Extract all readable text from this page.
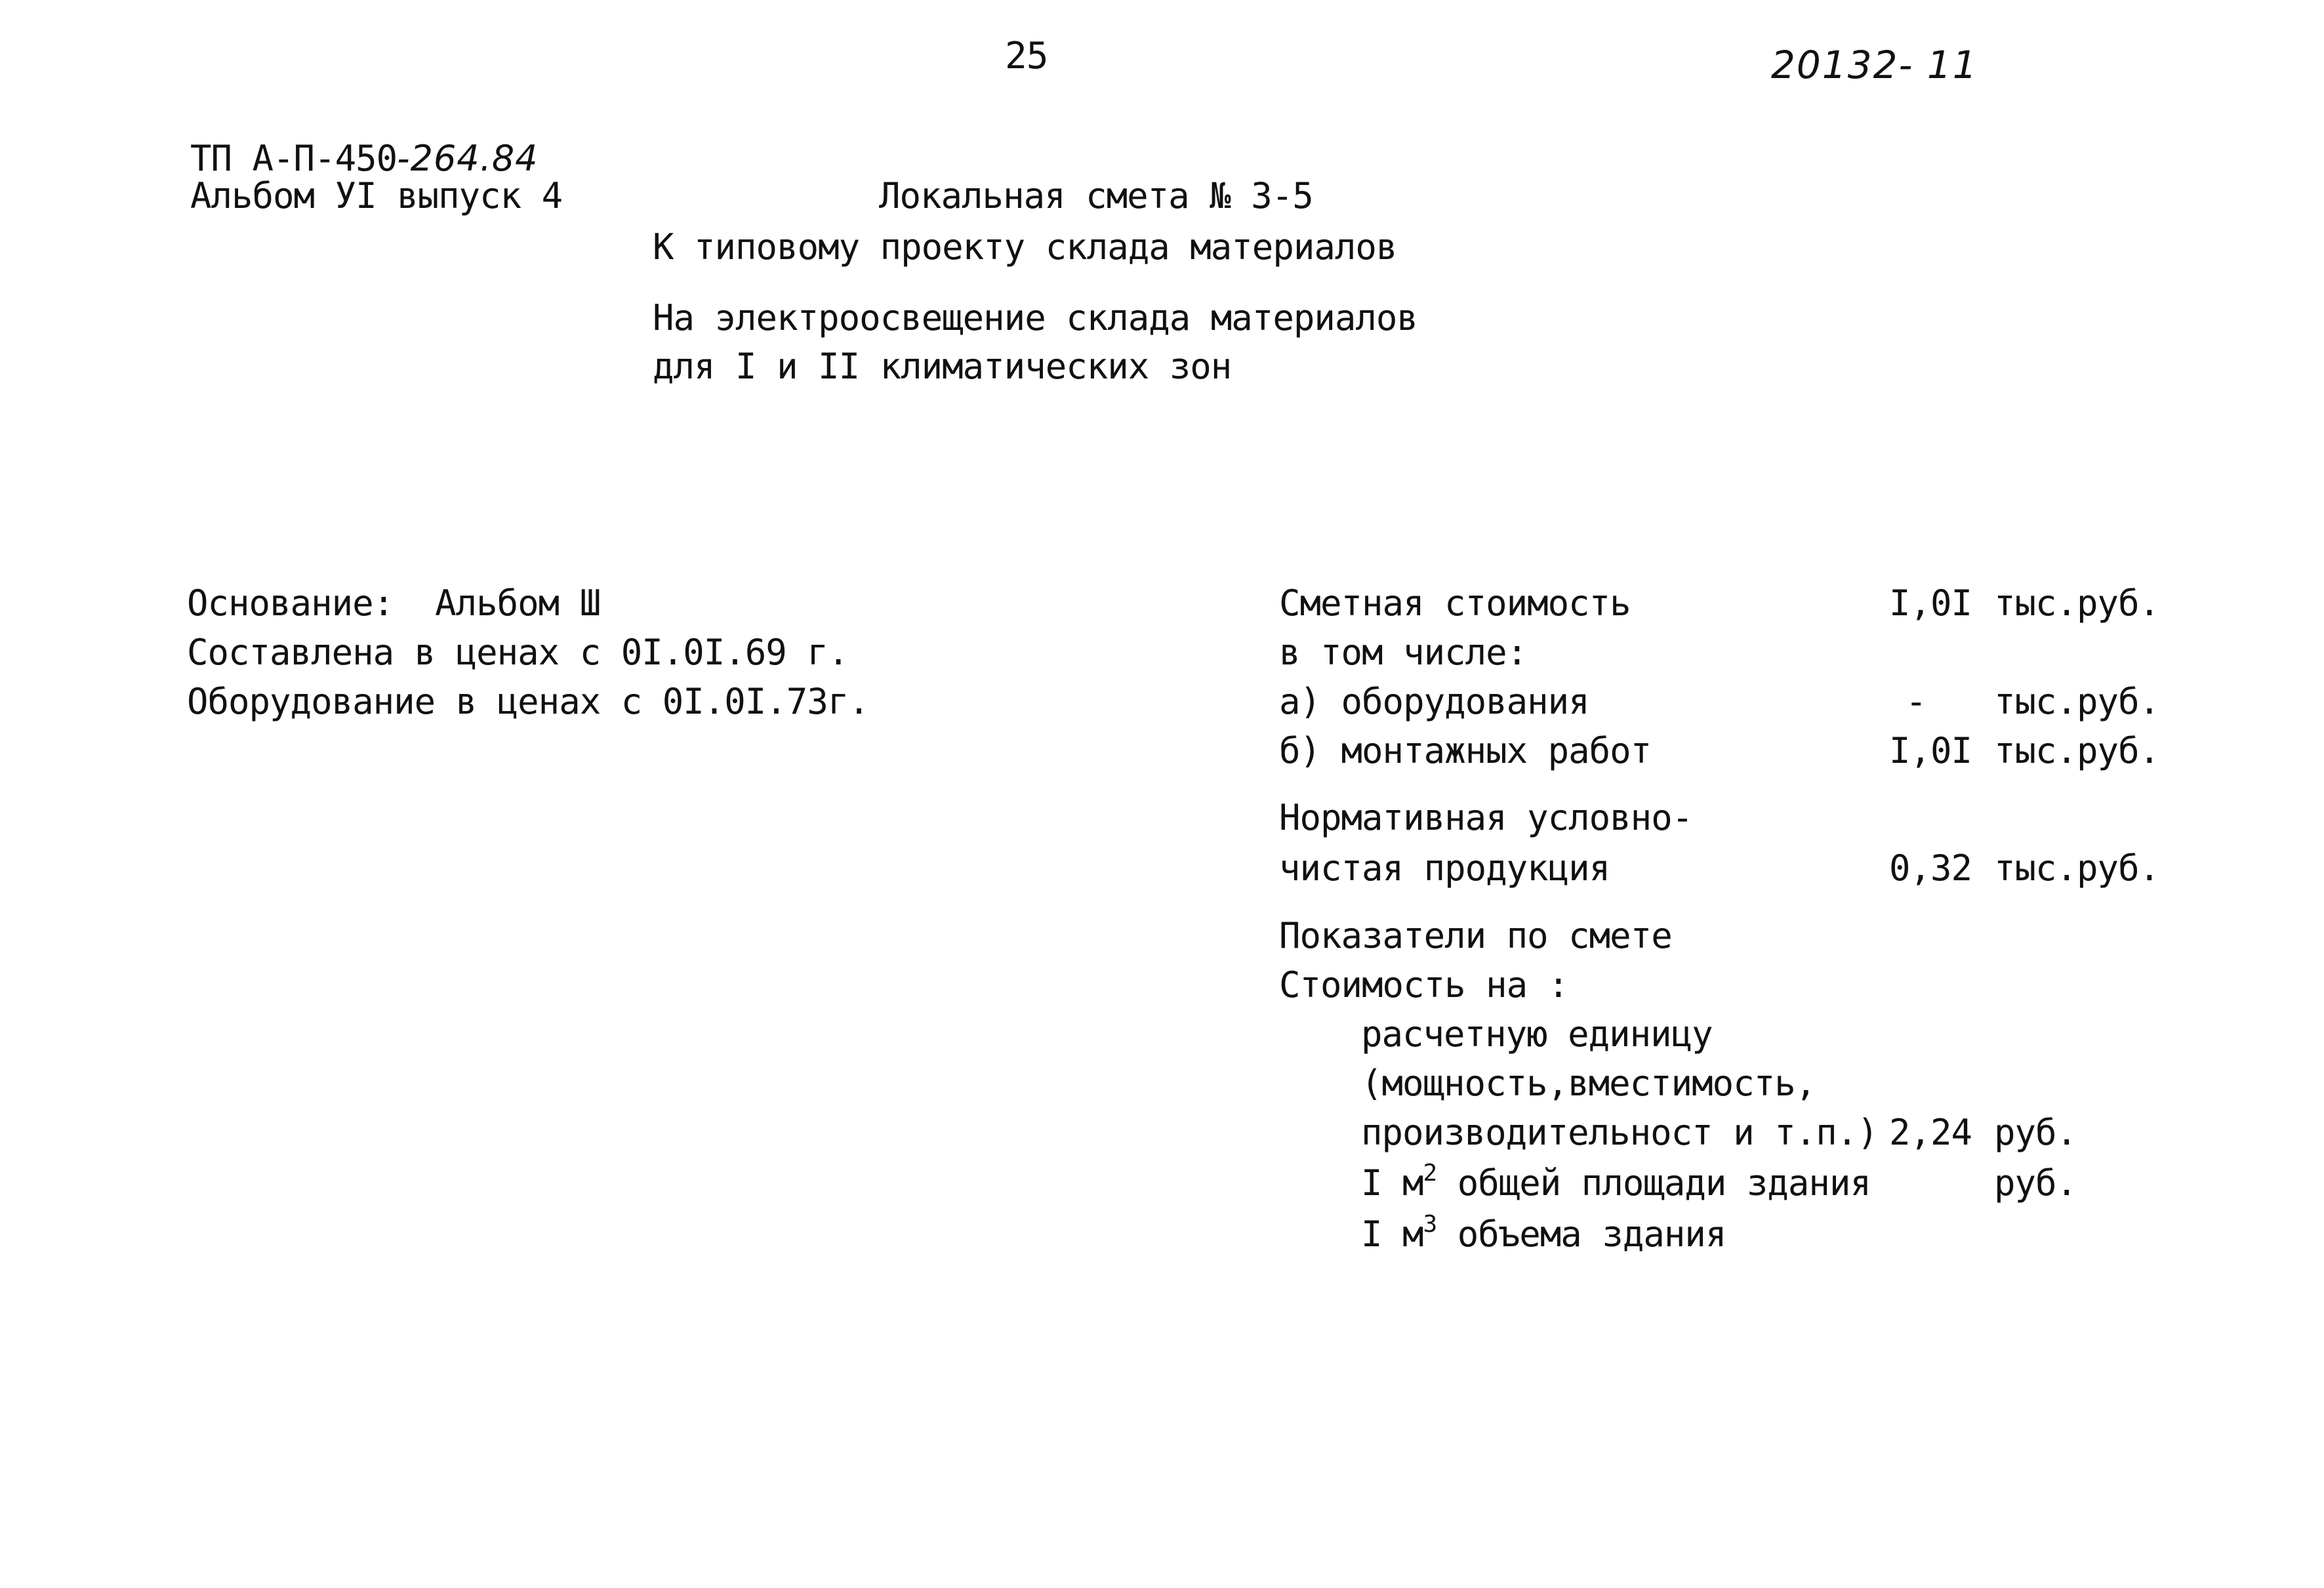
25	20132- 11
ТП А-П-450-264.84
Альбом УI выпуск 4	Локальная смета № 3-5
К типовому проекту склада материалов
На электроосвещение склада материалов
для I и II климатических зон
Основание:  Альбом Ш
Составлена в ценах с 0I.0I.69 г.
Оборудование в ценах с 0I.0I.73г.
Сметная стоимость	I,0I тыс.руб.
в том числе:
а) оборудования	- тыс.руб.
б) монтажных работ	I,0I тыс.руб.
Нормативная условно-
чистая продукция	0,32 тыс.руб.
Показатели по смете
Стоимость на :
расчетную единицу
(мощность,вместимость,
производительност и т.п.) 2,24 руб.
I $м^2$ общей площади здания	руб.
I $м^3$ объема здания
